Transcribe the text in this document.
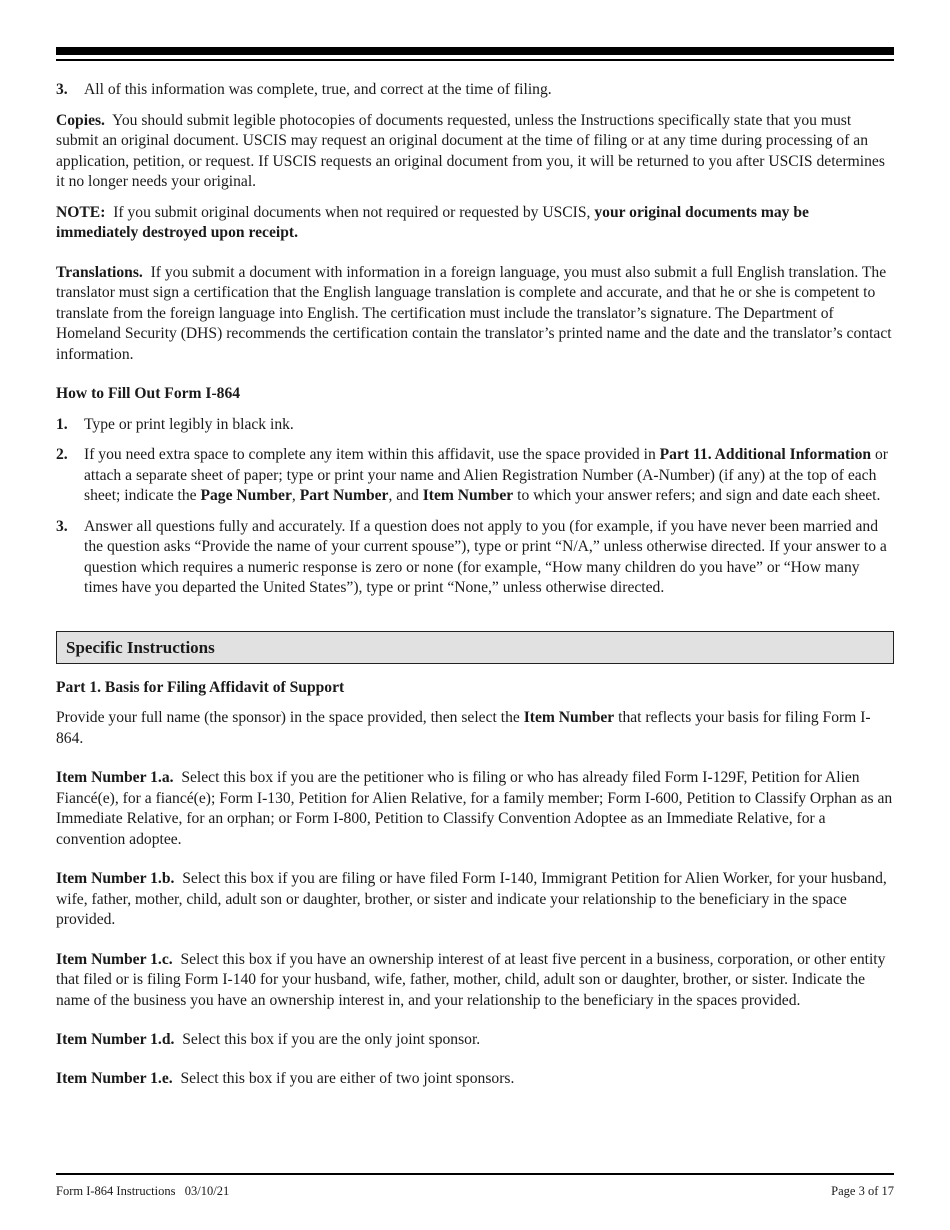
3.	All of this information was complete, true, and correct at the time of filing.

Copies. You should submit legible photocopies of documents requested, unless the Instructions specifically state that you must submit an original document. USCIS may request an original document at the time of filing or at any time during processing of an application, petition, or request. If USCIS requests an original document from you, it will be returned to you after USCIS determines it no longer needs your original.

NOTE: If you submit original documents when not required or requested by USCIS, your original documents may be immediately destroyed upon receipt.

Translations. If you submit a document with information in a foreign language, you must also submit a full English translation. The translator must sign a certification that the English language translation is complete and accurate, and that he or she is competent to translate from the foreign language into English. The certification must include the translator’s signature. The Department of Homeland Security (DHS) recommends the certification contain the translator’s printed name and the date and the translator’s contact information.

How to Fill Out Form I-864

1.	Type or print legibly in black ink.
2.	If you need extra space to complete any item within this affidavit, use the space provided in Part 11. Additional Information or attach a separate sheet of paper; type or print your name and Alien Registration Number (A-Number) (if any) at the top of each sheet; indicate the Page Number, Part Number, and Item Number to which your answer refers; and sign and date each sheet.
3.	Answer all questions fully and accurately. If a question does not apply to you (for example, if you have never been married and the question asks “Provide the name of your current spouse”), type or print “N/A,” unless otherwise directed. If your answer to a question which requires a numeric response is zero or none (for example, “How many children do you have” or “How many times have you departed the United States”), type or print “None,” unless otherwise directed.
Specific Instructions

Part 1. Basis for Filing Affidavit of Support

Provide your full name (the sponsor) in the space provided, then select the Item Number that reflects your basis for filing Form I-864.

Item Number 1.a. Select this box if you are the petitioner who is filing or who has already filed Form I-129F, Petition for Alien Fiancé(e), for a fiancé(e); Form I-130, Petition for Alien Relative, for a family member; Form I-600, Petition to Classify Orphan as an Immediate Relative, for an orphan; or Form I-800, Petition to Classify Convention Adoptee as an Immediate Relative, for a convention adoptee.

Item Number 1.b. Select this box if you are filing or have filed Form I-140, Immigrant Petition for Alien Worker, for your husband, wife, father, mother, child, adult son or daughter, brother, or sister and indicate your relationship to the beneficiary in the space provided.

Item Number 1.c. Select this box if you have an ownership interest of at least five percent in a business, corporation, or other entity that filed or is filing Form I-140 for your husband, wife, father, mother, child, adult son or daughter, brother, or sister. Indicate the name of the business you have an ownership interest in, and your relationship to the beneficiary in the spaces provided.

Item Number 1.d. Select this box if you are the only joint sponsor.

Item Number 1.e. Select this box if you are either of two joint sponsors.

Form I-864 Instructions   03/10/21	Page 3 of 17
